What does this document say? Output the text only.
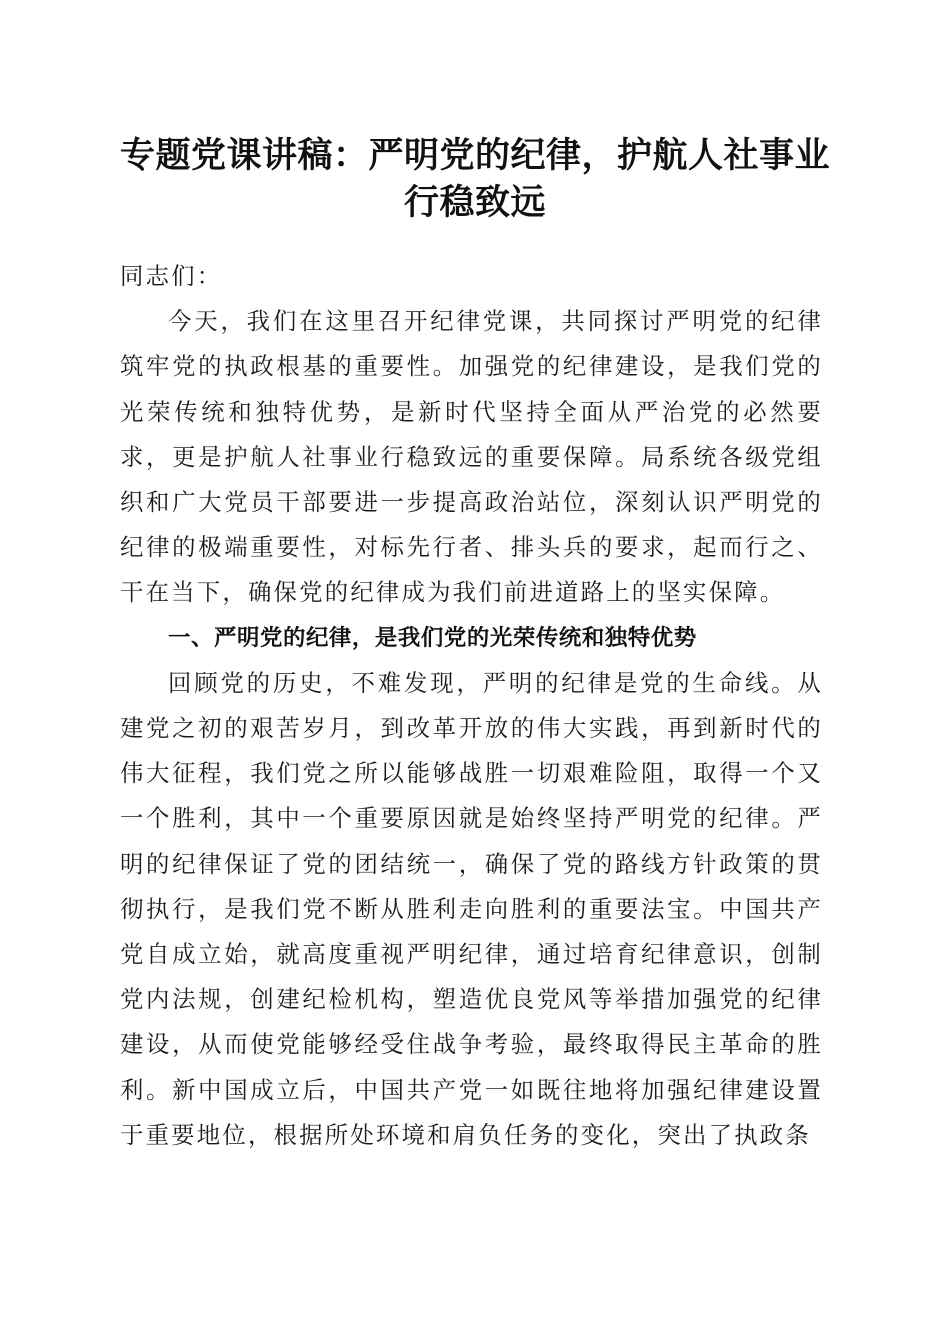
专题党课讲稿：严明党的纪律，护航人社事业
行稳致远

同志们：

今天，我们在这里召开纪律党课，共同探讨严明党的纪律筑牢党的执政根基的重要性。加强党的纪律建设，是我们党的光荣传统和独特优势，是新时代坚持全面从严治党的必然要求，更是护航人社事业行稳致远的重要保障。局系统各级党组织和广大党员干部要进一步提高政治站位，深刻认识严明党的纪律的极端重要性，对标先行者、排头兵的要求，起而行之、干在当下，确保党的纪律成为我们前进道路上的坚实保障。

一、严明党的纪律，是我们党的光荣传统和独特优势

回顾党的历史，不难发现，严明的纪律是党的生命线。从建党之初的艰苦岁月，到改革开放的伟大实践，再到新时代的伟大征程，我们党之所以能够战胜一切艰难险阻，取得一个又一个胜利，其中一个重要原因就是始终坚持严明党的纪律。严明的纪律保证了党的团结统一，确保了党的路线方针政策的贯彻执行，是我们党不断从胜利走向胜利的重要法宝。中国共产党自成立始，就高度重视严明纪律，通过培育纪律意识，创制党内法规，创建纪检机构，塑造优良党风等举措加强党的纪律建设，从而使党能够经受住战争考验，最终取得民主革命的胜利。新中国成立后，中国共产党一如既往地将加强纪律建设置于重要地位，根据所处环境和肩负任务的变化，突出了执政条
